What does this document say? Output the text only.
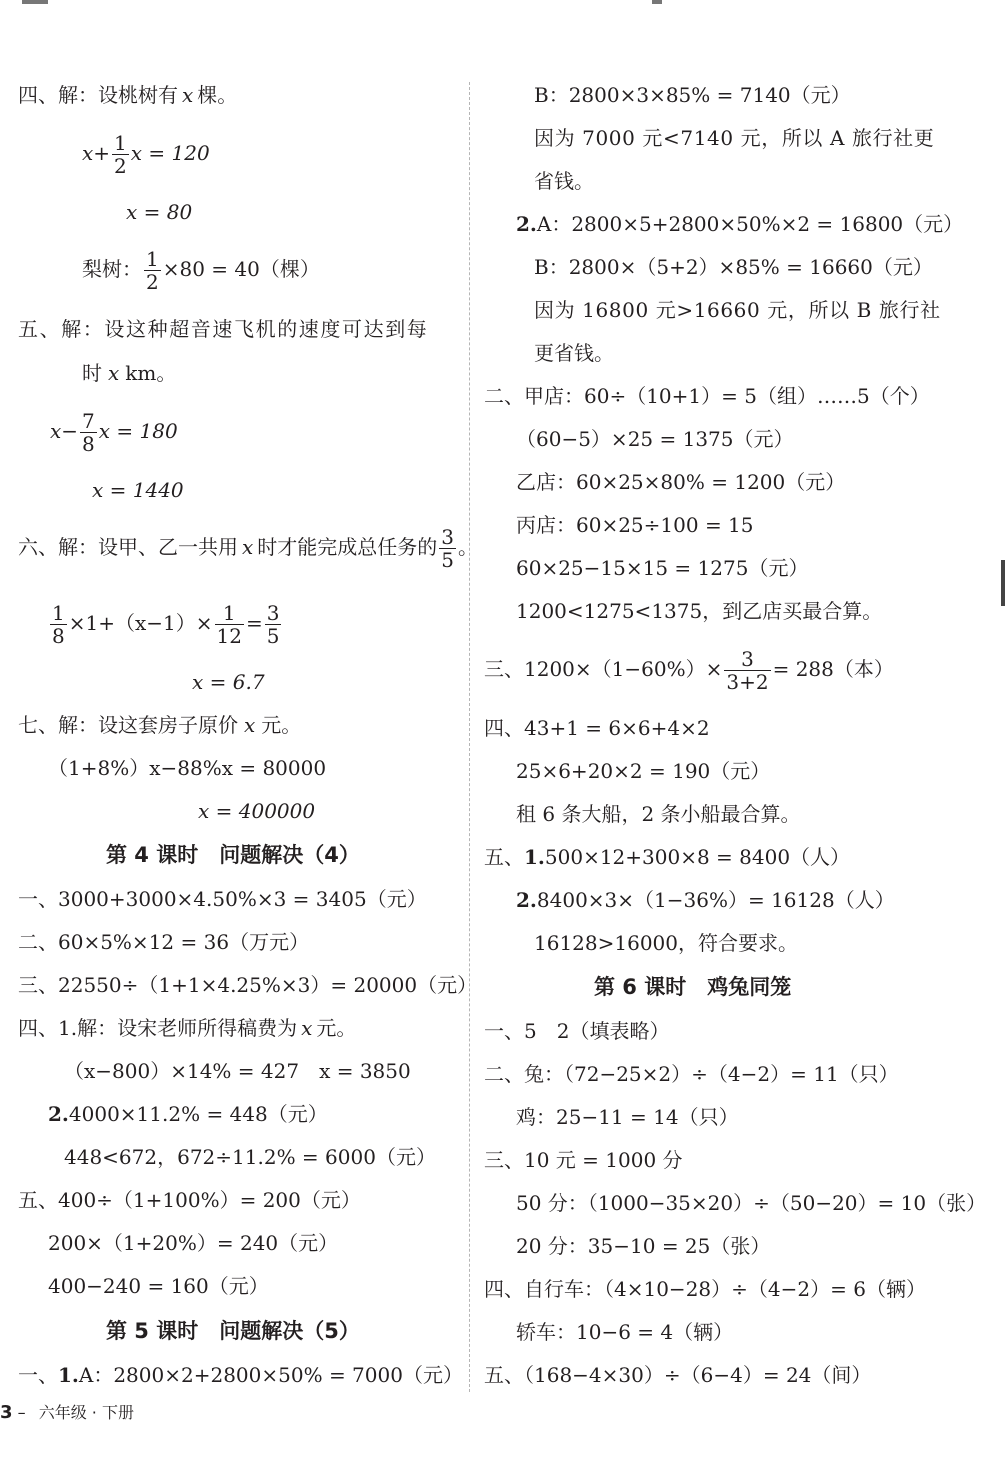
四、解：设桃树有 x 棵。
$x+ \frac{1}{2}$ x = 120
x = 80
梨树： $\frac{1}{2} \times 80 = 40$（棵）
五、解：设这种超音速飞机的速度可达到每
时 x km。
$x- \frac{7}{8}$ x = 180
x = 1440
六、解：设甲、乙一共用 x 时才能完成总任务的 $\frac{3}{5}$ 。
$\frac{1}{8} \times 1+(x-1)\times \frac{1}{12} = \frac{3}{5}$
x = 6.7
七、解：设这套房子原价 x 元。
（1+8%）x−88%x = 80000
x = 400000
第 4 课时　问题解决（4）
一、3000+3000×4.50%×3 = 3405（元）
二、60×5%×12 = 36（万元）
三、22550÷（1+1×4.25%×3）= 20000（元）
四、1.解：设宋老师所得稿费为 x 元。
（x−800）×14% = 427　x = 3850
2.4000×11.2% = 448（元）
448<672，672÷11.2% = 6000（元）
五、400÷（1+100%）= 200（元）
200×（1+20%）= 240（元）
400−240 = 160（元）
第 5 课时　问题解决（5）
一、1.A：2800×2+2800×50% = 7000（元）
B：2800×3×85% = 7140（元）
因为 7000 元<7140 元，所以 A 旅行社更
省钱。
2.A：2800×5+2800×50%×2 = 16800（元）
B：2800×（5+2）×85% = 16660（元）
因为 16800 元>16660 元，所以 B 旅行社
更省钱。
二、甲店：60÷（10+1）= 5（组）……5（个）
（60−5）×25 = 1375（元）
乙店：60×25×80% = 1200（元）
丙店：60×25÷100 = 15
60×25−15×15 = 1275（元）
1200<1275<1375，到乙店买最合算。
三、$1200\times(1-60\%)\times \frac{3}{3+2} = 288$（本）
四、43+1 = 6×6+4×2
25×6+20×2 = 190（元）
租 6 条大船，2 条小船最合算。
五、1.500×12+300×8 = 8400（人）
2.8400×3×（1−36%）= 16128（人）
16128>16000，符合要求。
第 6 课时　鸡兔同笼
一、5　2（填表略）
二、兔：（72−25×2）÷（4−2）= 11（只）
鸡：25−11 = 14（只）
三、10 元 = 1000 分
50 分：（1000−35×20）÷（50−20）= 10（张）
20 分：35−10 = 25（张）
四、自行车：（4×10−28）÷（4−2）= 6（辆）
轿车：10−6 = 4（辆）
五、（168−4×30）÷（6−4）= 24（间）
3 – 六年级 · 下册
